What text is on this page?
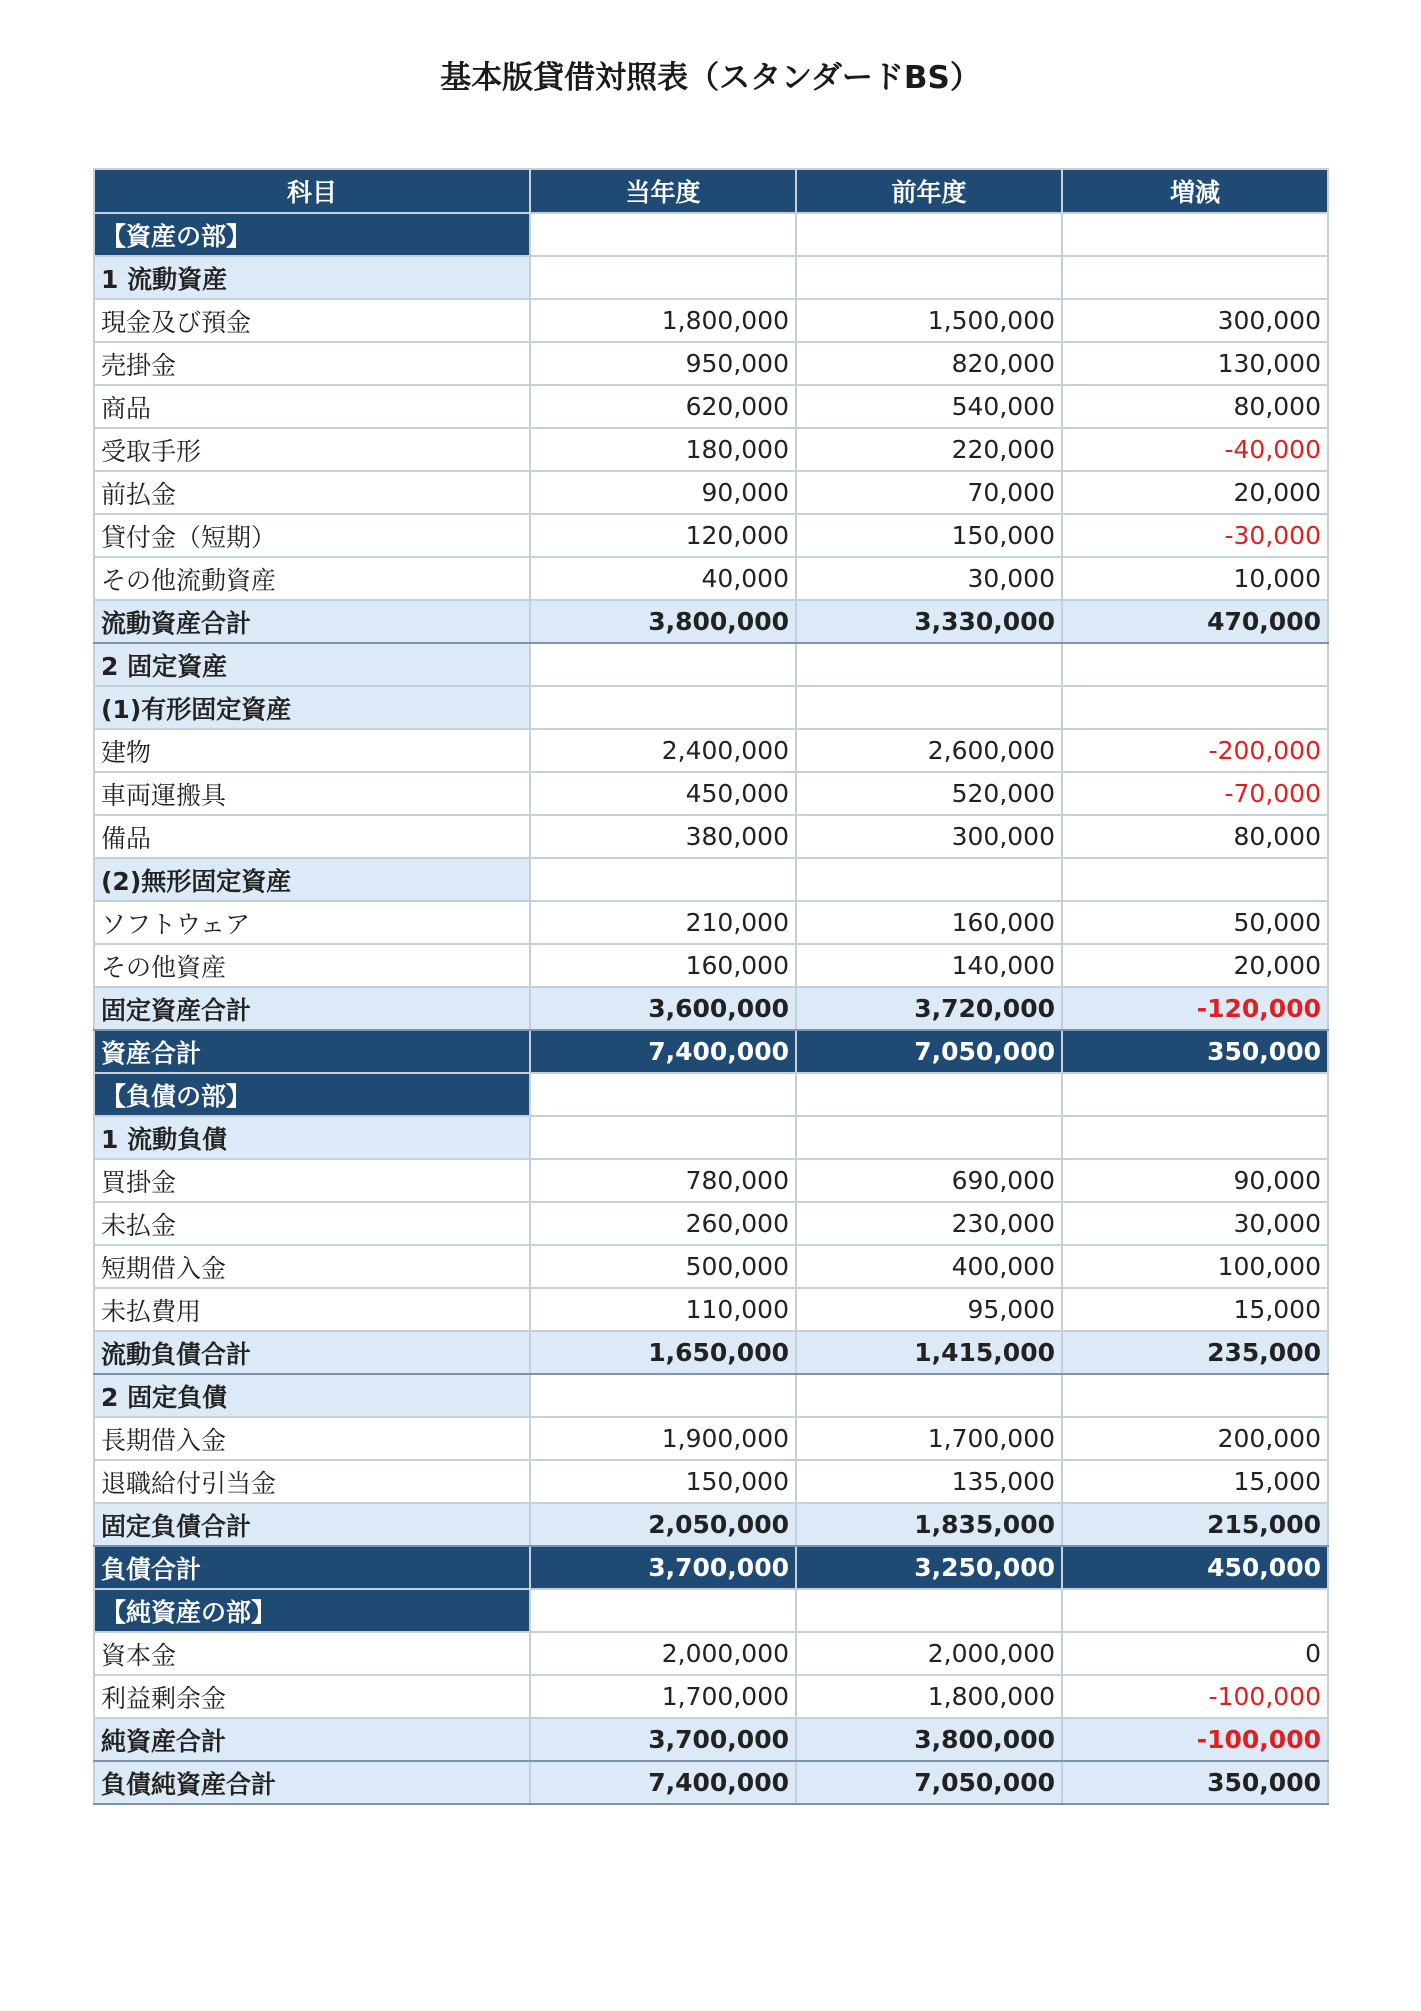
基本版貸借対照表（スタンダードBS）
科目	当年度	前年度	増減
【資産の部】			
1 流動資産			
現金及び預金	1,800,000	1,500,000	300,000
売掛金	950,000	820,000	130,000
商品	620,000	540,000	80,000
受取手形	180,000	220,000	-40,000
前払金	90,000	70,000	20,000
貸付金（短期）	120,000	150,000	-30,000
その他流動資産	40,000	30,000	10,000
流動資産合計	3,800,000	3,330,000	470,000
2 固定資産			
(1)有形固定資産			
建物	2,400,000	2,600,000	-200,000
車両運搬具	450,000	520,000	-70,000
備品	380,000	300,000	80,000
(2)無形固定資産			
ソフトウェア	210,000	160,000	50,000
その他資産	160,000	140,000	20,000
固定資産合計	3,600,000	3,720,000	-120,000
資産合計	7,400,000	7,050,000	350,000
【負債の部】			
1 流動負債			
買掛金	780,000	690,000	90,000
未払金	260,000	230,000	30,000
短期借入金	500,000	400,000	100,000
未払費用	110,000	95,000	15,000
流動負債合計	1,650,000	1,415,000	235,000
2 固定負債			
長期借入金	1,900,000	1,700,000	200,000
退職給付引当金	150,000	135,000	15,000
固定負債合計	2,050,000	1,835,000	215,000
負債合計	3,700,000	3,250,000	450,000
【純資産の部】			
資本金	2,000,000	2,000,000	0
利益剰余金	1,700,000	1,800,000	-100,000
純資産合計	3,700,000	3,800,000	-100,000
負債純資産合計	7,400,000	7,050,000	350,000
